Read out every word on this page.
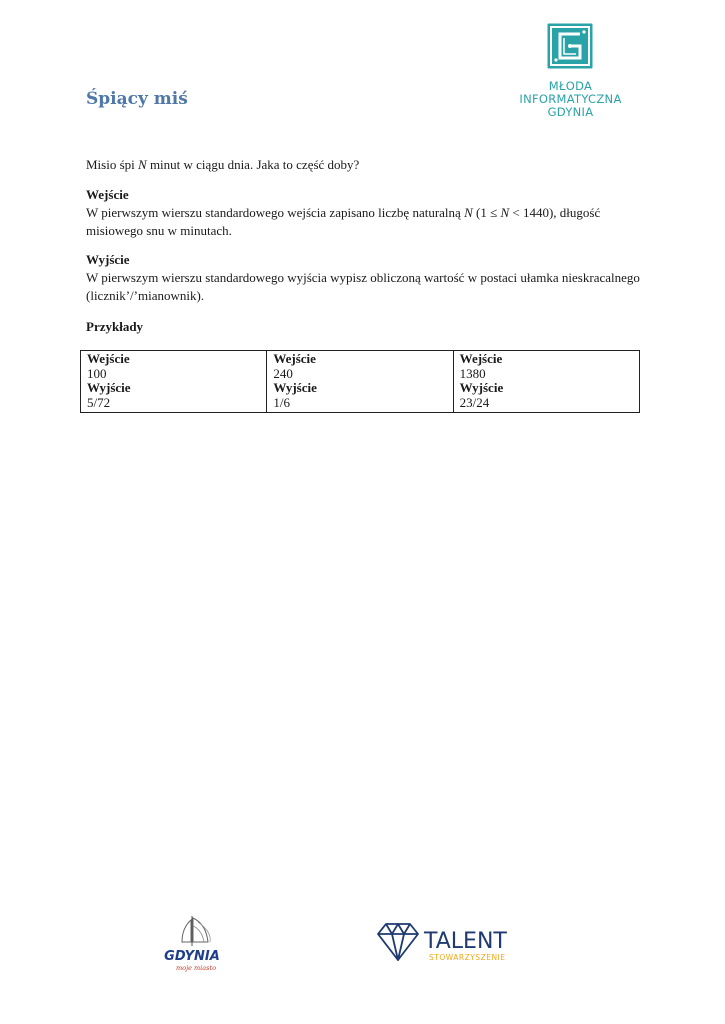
Śpiący miś
MŁODA
INFORMATYCZNA
GDYNIA
Misio śpi N minut w ciągu dnia. Jaka to część doby?
Wejście
W pierwszym wierszu standardowego wejścia zapisano liczbę naturalną N (1 ≤ N < 1440), długość misiowego snu w minutach.
Wyjście
W pierwszym wierszu standardowego wyjścia wypisz obliczoną wartość w postaci ułamka nieskracalnego (licznik’/’mianownik).
Przykłady
Wejście
100
Wyjście
5/72

Wejście
240
Wyjście
1/6

Wejście
1380
Wyjście
23/24
GDYNIA
moje miasto
TALENT
STOWARZYSZENIE
